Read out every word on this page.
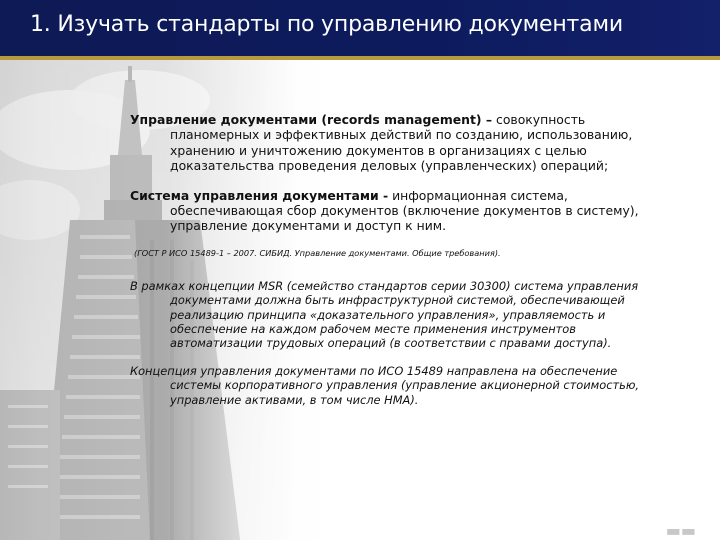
1. Изучать стандарты по управлению документами

Управление документами (records management) – совокупность планомерных и эффективных действий по созданию, использованию, хранению и уничтожению документов в организациях с целью доказательства проведения деловых (управленческих) операций;

Система управления документами - информационная система, обеспечивающая сбор документов (включение документов в систему), управление документами и доступ к ним.

(ГОСТ Р ИСО 15489-1 – 2007. СИБИД. Управление документами. Общие требования).

В рамках концепции MSR (семейство стандартов серии 30300) система управления документами должна быть инфраструктурной системой, обеспечивающей реализацию принципа «доказательного управления», управляемость и обеспечение на каждом рабочем месте применения инструментов автоматизации трудовых операций (в соответствии с правами доступа).

Концепция управления документами по ИСО 15489 направлена на обеспечение системы корпоративного управления (управление акционерной стоимостью, управление активами, в том числе НМА).

▬▬
